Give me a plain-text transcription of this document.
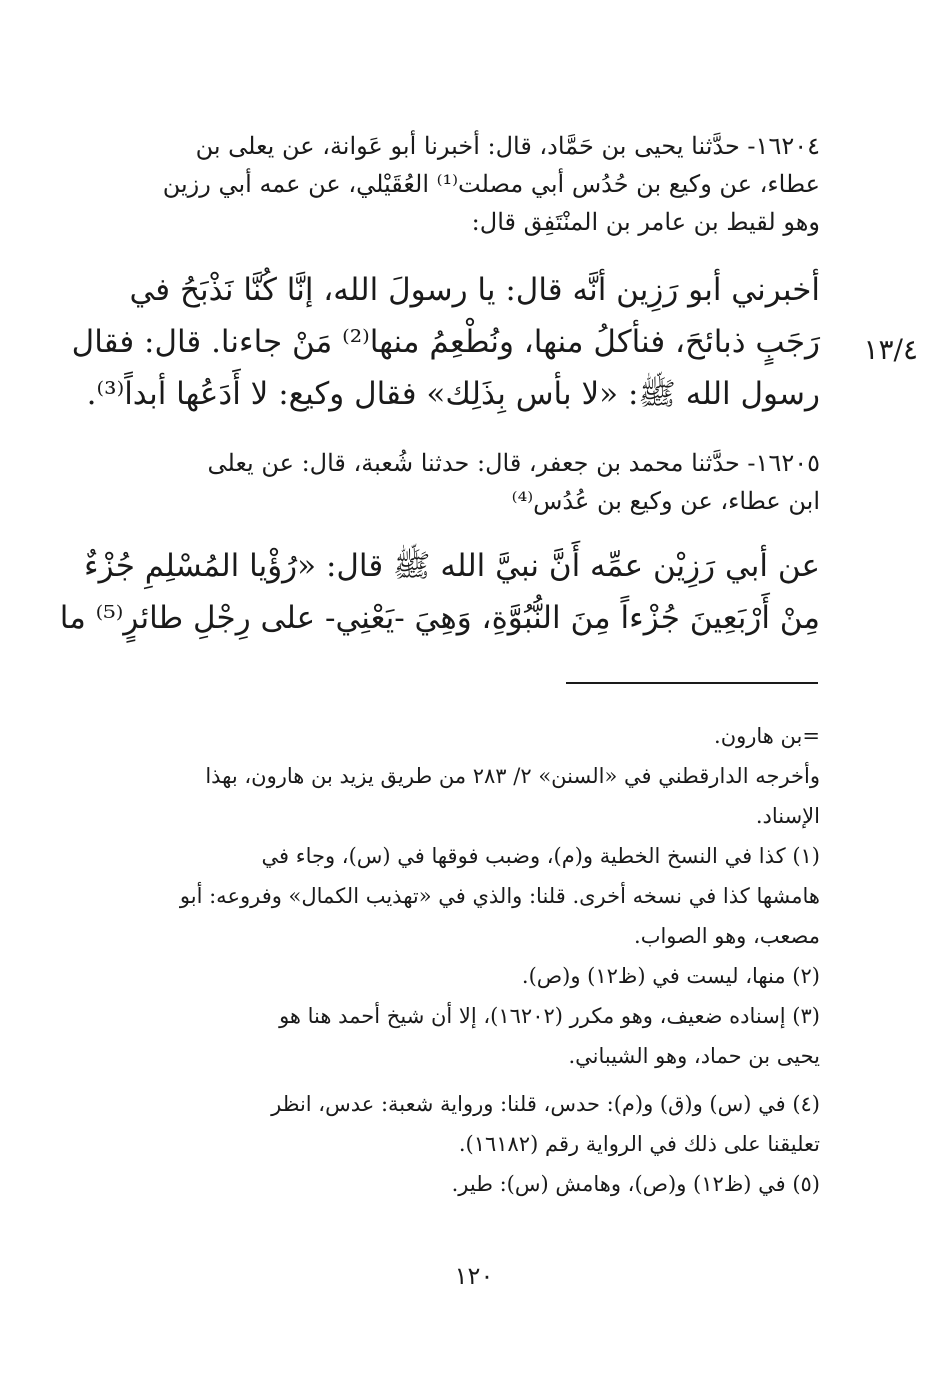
١٦٢٠٤- حدَّثنا يحيى بن حَمَّاد، قال: أخبرنا أبو عَوانة، عن يعلى بن
عطاء، عن وكيع بن حُدُس أبي مصلت⁽¹⁾ العُقَيْلي، عن عمه أبي رزين
وهو لقيط بن عامر بن المنْتَفِق قال:
أخبرني أبو رَزِين أنَّه قال: يا رسولَ الله، إنَّا كُنَّا نَذْبَحُ في
رَجَبٍ ذبائحَ، فنأكلُ منها، ونُطْعِمُ منها⁽²⁾ مَنْ جاءنا. قال: فقال
رسول الله ﷺ: «لا بأس بِذَلِك» فقال وكيع: لا أَدَعُها أبداً⁽³⁾.
١٣/٤
١٦٢٠٥- حدَّثنا محمد بن جعفر، قال: حدثنا شُعبة، قال: عن يعلى
ابن عطاء، عن وكيع بن عُدُس⁽⁴⁾
عن أبي رَزِيْن عمِّه أَنَّ نبيَّ الله ﷺ قال: «رُؤْيا المُسْلِمِ جُزْءٌ
مِنْ أَرْبَعِينَ جُزْءاً مِنَ النُّبُوَّةِ، وَهِيَ -يَعْنِي- على رِجْلِ طائرٍ⁽⁵⁾ ما
=بن هارون.
وأخرجه الدارقطني في «السنن» ٢/ ٢٨٣ من طريق يزيد بن هارون، بهذا
الإسناد.
(١) كذا في النسخ الخطية و(م)، وضبب فوقها في (س)، وجاء في
هامشها كذا في نسخه أخرى. قلنا: والذي في «تهذيب الكمال» وفروعه: أبو
مصعب، وهو الصواب.
(٢) منها، ليست في (ظ١٢) و(ص).
(٣) إسناده ضعيف، وهو مكرر (١٦٢٠٢)، إلا أن شيخ أحمد هنا هو
يحيى بن حماد، وهو الشيباني.
(٤) في (س) و(ق) و(م): حدس، قلنا: ورواية شعبة: عدس، انظر
تعليقنا على ذلك في الرواية رقم (١٦١٨٢).
(٥) في (ظ١٢) و(ص)، وهامش (س): طير.
١٢٠
